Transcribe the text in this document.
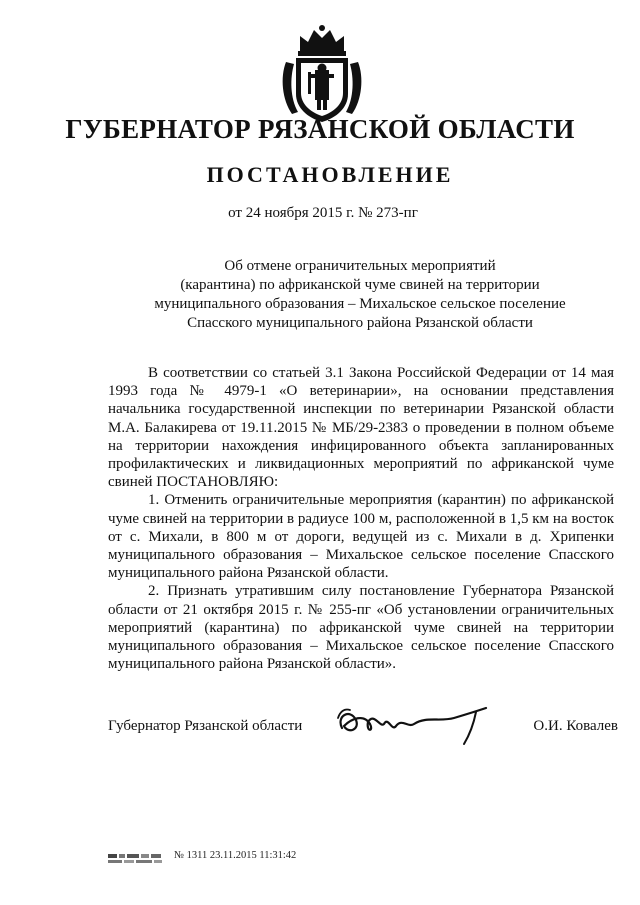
ГУБЕРНАТОР РЯЗАНСКОЙ ОБЛАСТИ
ПОСТАНОВЛЕНИЕ
от 24 ноября 2015 г. № 273-пг
Об отмене ограничительных мероприятий
(карантина) по африканской чуме свиней на территории
муниципального образования – Михальское сельское поселение
Спасского муниципального района Рязанской области

В соответствии со статьей 3.1 Закона Российской Федерации от 14 мая 1993 года № 4979-1 «О ветеринарии», на основании представления начальника государственной инспекции по ветеринарии Рязанской области М.А. Балакирева от 19.11.2015 № МБ/29-2383 о проведении в полном объеме на территории нахождения инфицированного объекта запланированных профилактических и ликвидационных мероприятий по африканской чуме свиней ПОСТАНОВЛЯЮ:

1. Отменить ограничительные мероприятия (карантин) по африканской чуме свиней на территории в радиусе 100 м, расположенной в 1,5 км на восток от с. Михали, в 800 м от дороги, ведущей из с. Михали в д. Хрипенки муниципального образования – Михальское сельское поселение Спасского муниципального района Рязанской области.

2. Признать утратившим силу постановление Губернатора Рязанской области от 21 октября 2015 г. № 255-пг «Об установлении ограничительных мероприятий (карантина) по африканской чуме свиней на территории муниципального образования – Михальское сельское поселение Спасского муниципального района Рязанской области».

Губернатор Рязанской области	О.И. Ковалев
№ 1311 23.11.2015 11:31:42
